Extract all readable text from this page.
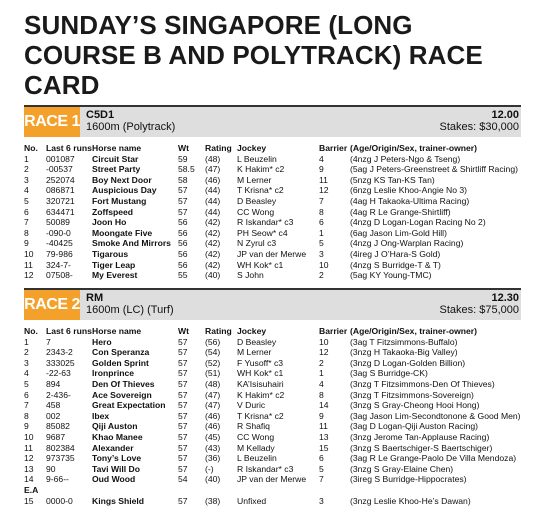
SUNDAY’S SINGAPORE (LONG COURSE B AND POLYTRACK) RACE CARD
RACE 1 C5D1
1600m (Polytrack)
12.00
Stakes: $30,000
No.	Last 6 runs	Horse name	Wt	Rating	Jockey	Barrier	(Age/Origin/Sex, trainer-owner)
1	001087	Circuit Star	59	(48)	L Beuzelin	4	(4nzg J Peters-Ngo & Tseng)
2	-00537	Street Party	58.5	(47)	K Hakim* c2	9	(5ag J Peters-Greenstreet & Shirtliff Racing)
3	252074	Boy Next Door	58	(46)	M Lerner	11	(5nzg KS Tan-KS Tan)
4	086871	Auspicious Day	57	(44)	T Krisna* c2	12	(6nzg Leslie Khoo-Angie No 3)
5	320721	Fort Mustang	57	(44)	D Beasley	7	(4ag H Takaoka-Ultima Racing)
6	634471	Zoffspeed	57	(44)	CC Wong	8	(4ag R Le Grange-Shirtliff)
7	50089	Joon Ho	56	(42)	R Iskandar* c3	6	(4nzg D Logan-Logan Racing No 2)
8	-090-0	Moongate Five	56	(42)	PH Seow* c4	1	(6ag Jason Lim-Gold Hill)
9	-40425	Smoke And Mirrors	56	(42)	N Zyrul c3	5	(4nzg J Ong-Warplan Racing)
10	79-986	Tigarous	56	(42)	JP van der Merwe	3	(4ireg J O’Hara-S Gold)
11	324-7-	Tiger Leap	56	(42)	WH Kok* c1	10	(4nzg S Burridge-T & T)
12	07508-	My Everest	55	(40)	S John	2	(5ag KY Young-TMC)
RACE 2 RM
1600m (LC) (Turf)
12.30
Stakes: $75,000
No.	Last 6 runs	Horse name	Wt	Rating	Jockey	Barrier	(Age/Origin/Sex, trainer-owner)
1	7	Hero	57	(56)	D Beasley	10	(3ag T Fitzsimmons-Buffalo)
2	2343-2	Con Speranza	57	(54)	M Lerner	12	(3nzg H Takaoka-Big Valley)
3	333025	Golden Sprint	57	(52)	F Yusoff* c3	2	(3nzg D Logan-Golden Billion)
4	-22-63	Ironprince	57	(51)	WH Kok* c1	1	(3ag S Burridge-CK)
5	894	Den Of Thieves	57	(48)	KA’Isisuhairi	4	(3nzg T Fitzsimmons-Den Of Thieves)
6	2-436-	Ace Sovereign	57	(47)	K Hakim* c2	8	(3nzg T Fitzsimmons-Sovereign)
7	458	Great Expectation	57	(47)	V Duric	14	(3nzg S Gray-Cheong Hooi Hong)
8	002	Ibex	57	(46)	T Krisna* c2	9	(3ag Jason Lim-Secondtonone & Good Men)
9	85082	Qiji Auston	57	(46)	R Shafiq	11	(3ag D Logan-Qiji Auston Racing)
10	9687	Khao Manee	57	(45)	CC Wong	13	(3nzg Jerome Tan-Applause Racing)
11	802384	Alexander	57	(43)	M Kellady	15	(3nzg S Baertschiger-S Baertschiger)
12	973735	Tony’s Love	57	(36)	L Beuzelin	6	(3ag R Le Grange-Paolo De Villa Mendoza)
13	90	Tavi Will Do	57	(-)	R Iskandar* c3	5	(3nzg S Gray-Elaine Chen)
14	9-66--	Oud Wood	54	(40)	JP van der Merwe	7	(3ireg S Burridge-Hippocrates)
E.A							
15	0000-0	Kings Shield	57	(38)	Unfixed	3	(3nzg Leslie Khoo-He’s Dawan)
